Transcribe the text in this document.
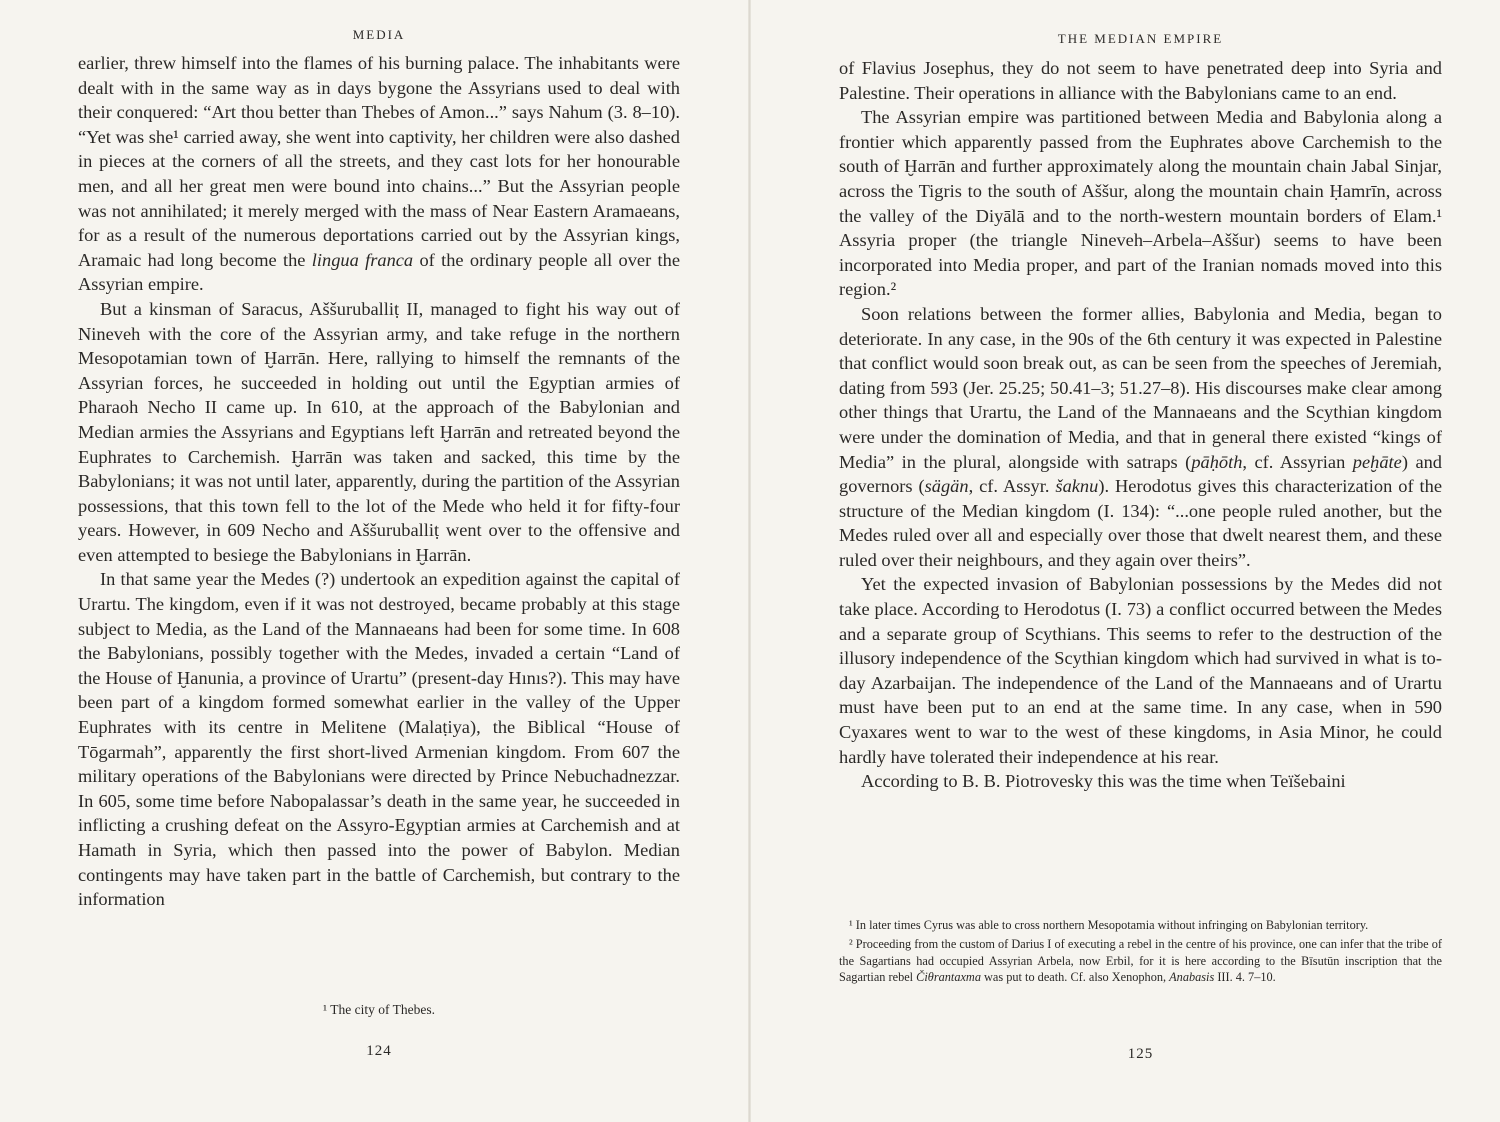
MEDIA

earlier, threw himself into the flames of his burning palace. The inhabitants were dealt with in the same way as in days bygone the Assyrians used to deal with their conquered: “Art thou better than Thebes of Amon...” says Nahum (3. 8–10). “Yet was she¹ carried away, she went into captivity, her children were also dashed in pieces at the corners of all the streets, and they cast lots for her honourable men, and all her great men were bound into chains...” But the Assyrian people was not annihilated; it merely merged with the mass of Near Eastern Aramaeans, for as a result of the numerous deportations carried out by the Assyrian kings, Aramaic had long become the lingua franca of the ordinary people all over the Assyrian empire.

But a kinsman of Saracus, Aššuruballiṭ II, managed to fight his way out of Nineveh with the core of the Assyrian army, and take refuge in the northern Mesopotamian town of Ḫarrān. Here, rallying to himself the remnants of the Assyrian forces, he succeeded in holding out until the Egyptian armies of Pharaoh Necho II came up. In 610, at the approach of the Babylonian and Median armies the Assyrians and Egyptians left Ḫarrān and retreated beyond the Euphrates to Carchemish. Ḫarrān was taken and sacked, this time by the Babylonians; it was not until later, apparently, during the partition of the Assyrian possessions, that this town fell to the lot of the Mede who held it for fifty-four years. However, in 609 Necho and Aššuruballiṭ went over to the offensive and even attempted to besiege the Babylonians in Ḫarrān.

In that same year the Medes (?) undertook an expedition against the capital of Urartu. The kingdom, even if it was not destroyed, became probably at this stage subject to Media, as the Land of the Mannaeans had been for some time. In 608 the Babylonians, possibly together with the Medes, invaded a certain “Land of the House of Ḫanunia, a province of Urartu” (present-day Hınıs?). This may have been part of a kingdom formed somewhat earlier in the valley of the Upper Euphrates with its centre in Melitene (Malaṭiya), the Biblical “House of Tōgarmah”, apparently the first short-lived Armenian kingdom. From 607 the military operations of the Babylonians were directed by Prince Nebuchadnezzar. In 605, some time before Nabopalassar’s death in the same year, he succeeded in inflicting a crushing defeat on the Assyro-Egyptian armies at Carchemish and at Hamath in Syria, which then passed into the power of Babylon. Median contingents may have taken part in the battle of Carchemish, but contrary to the information

¹ The city of Thebes.
124
THE MEDIAN EMPIRE

of Flavius Josephus, they do not seem to have penetrated deep into Syria and Palestine. Their operations in alliance with the Babylonians came to an end.

The Assyrian empire was partitioned between Media and Babylonia along a frontier which apparently passed from the Euphrates above Carchemish to the south of Ḫarrān and further approximately along the mountain chain Jabal Sinjar, across the Tigris to the south of Aššur, along the mountain chain Ḥamrīn, across the valley of the Diyālā and to the north-western mountain borders of Elam.¹ Assyria proper (the triangle Nineveh–Arbela–Aššur) seems to have been incorporated into Media proper, and part of the Iranian nomads moved into this region.²

Soon relations between the former allies, Babylonia and Media, began to deteriorate. In any case, in the 90s of the 6th century it was expected in Palestine that conflict would soon break out, as can be seen from the speeches of Jeremiah, dating from 593 (Jer. 25.25; 50.41–3; 51.27–8). His discourses make clear among other things that Urartu, the Land of the Mannaeans and the Scythian kingdom were under the domination of Media, and that in general there existed “kings of Media” in the plural, alongside with satraps (pāḥōth, cf. Assyrian peḫāte) and governors (sägän, cf. Assyr. šaknu). Herodotus gives this characterization of the structure of the Median kingdom (I. 134): “...one people ruled another, but the Medes ruled over all and especially over those that dwelt nearest them, and these ruled over their neighbours, and they again over theirs”.

Yet the expected invasion of Babylonian possessions by the Medes did not take place. According to Herodotus (I. 73) a conflict occurred between the Medes and a separate group of Scythians. This seems to refer to the destruction of the illusory independence of the Scythian kingdom which had survived in what is to-day Azarbaijan. The independence of the Land of the Mannaeans and of Urartu must have been put to an end at the same time. In any case, when in 590 Cyaxares went to war to the west of these kingdoms, in Asia Minor, he could hardly have tolerated their independence at his rear.

According to B. B. Piotrovesky this was the time when Teïšebaini

¹ In later times Cyrus was able to cross northern Mesopotamia without infringing on Babylonian territory.

² Proceeding from the custom of Darius I of executing a rebel in the centre of his province, one can infer that the tribe of the Sagartians had occupied Assyrian Arbela, now Erbil, for it is here according to the Bīsutūn inscription that the Sagartian rebel Čiθrantaxma was put to death. Cf. also Xenophon, Anabasis III. 4. 7–10.

125
